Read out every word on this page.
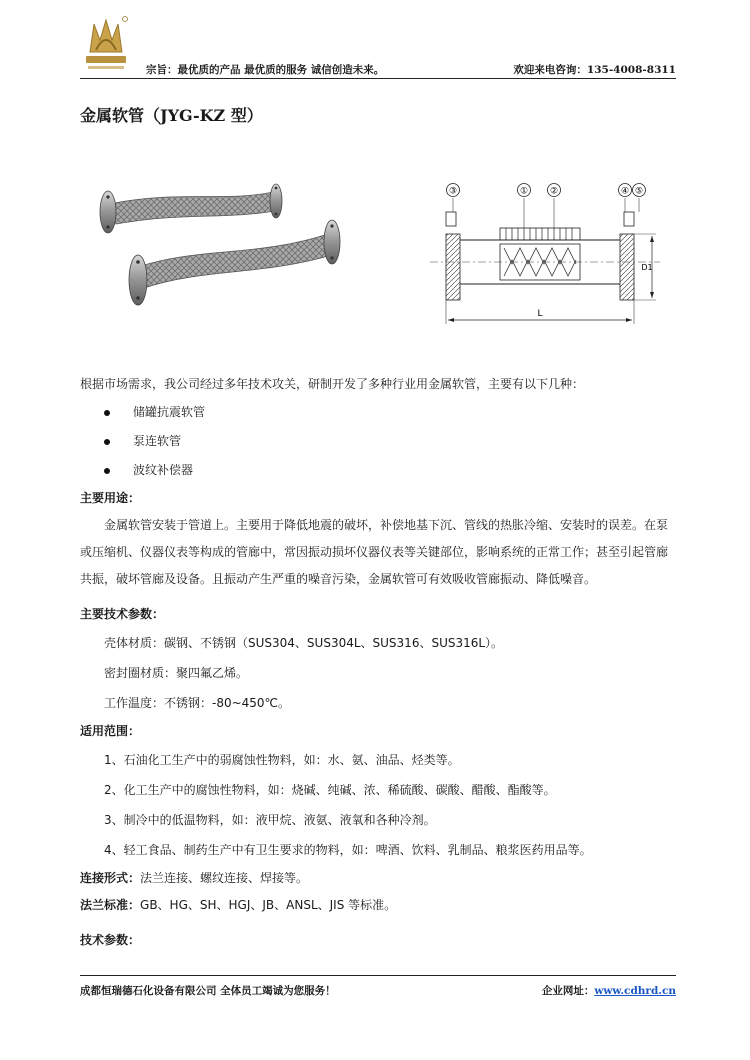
宗旨：最优质的产品 最优质的服务 诚信创造未来。	欢迎来电咨询：135-4008-8311
金属软管（JYG-KZ 型）
③	① ②	④ ⑤
L
D1

根据市场需求，我公司经过多年技术攻关，研制开发了多种行业用金属软管，主要有以下几种：

储罐抗震软管
泵连软管
波纹补偿器
主要用途：

金属软管安装于管道上。主要用于降低地震的破坏，补偿地基下沉、管线的热胀冷缩、安装时的误差。在泵或压缩机、仪器仪表等构成的管廊中，常因振动损坏仪器仪表等关键部位，影响系统的正常工作；甚至引起管廊共振，破坏管廊及设备。且振动产生严重的噪音污染，金属软管可有效吸收管廊振动、降低噪音。

主要技术参数：
壳体材质：碳钢、不锈钢（SUS304、SUS304L、SUS316、SUS316L）。
密封圈材质：聚四氟乙烯。
工作温度：不锈钢：-80~450℃。
适用范围：
1、石油化工生产中的弱腐蚀性物料，如：水、氨、油品、烃类等。
2、化工生产中的腐蚀性物料，如：烧碱、纯碱、浓、稀硫酸、碳酸、醋酸、酯酸等。
3、制冷中的低温物料，如：液甲烷、液氨、液氧和各种冷剂。
4、轻工食品、制药生产中有卫生要求的物料，如：啤酒、饮料、乳制品、粮浆医药用品等。
连接形式：法兰连接、螺纹连接、焊接等。
法兰标准：GB、HG、SH、HGJ、JB、ANSL、JIS 等标准。
技术参数：
成都恒瑞德石化设备有限公司 全体员工竭诚为您服务！	企业网址：www.cdhrd.cn
